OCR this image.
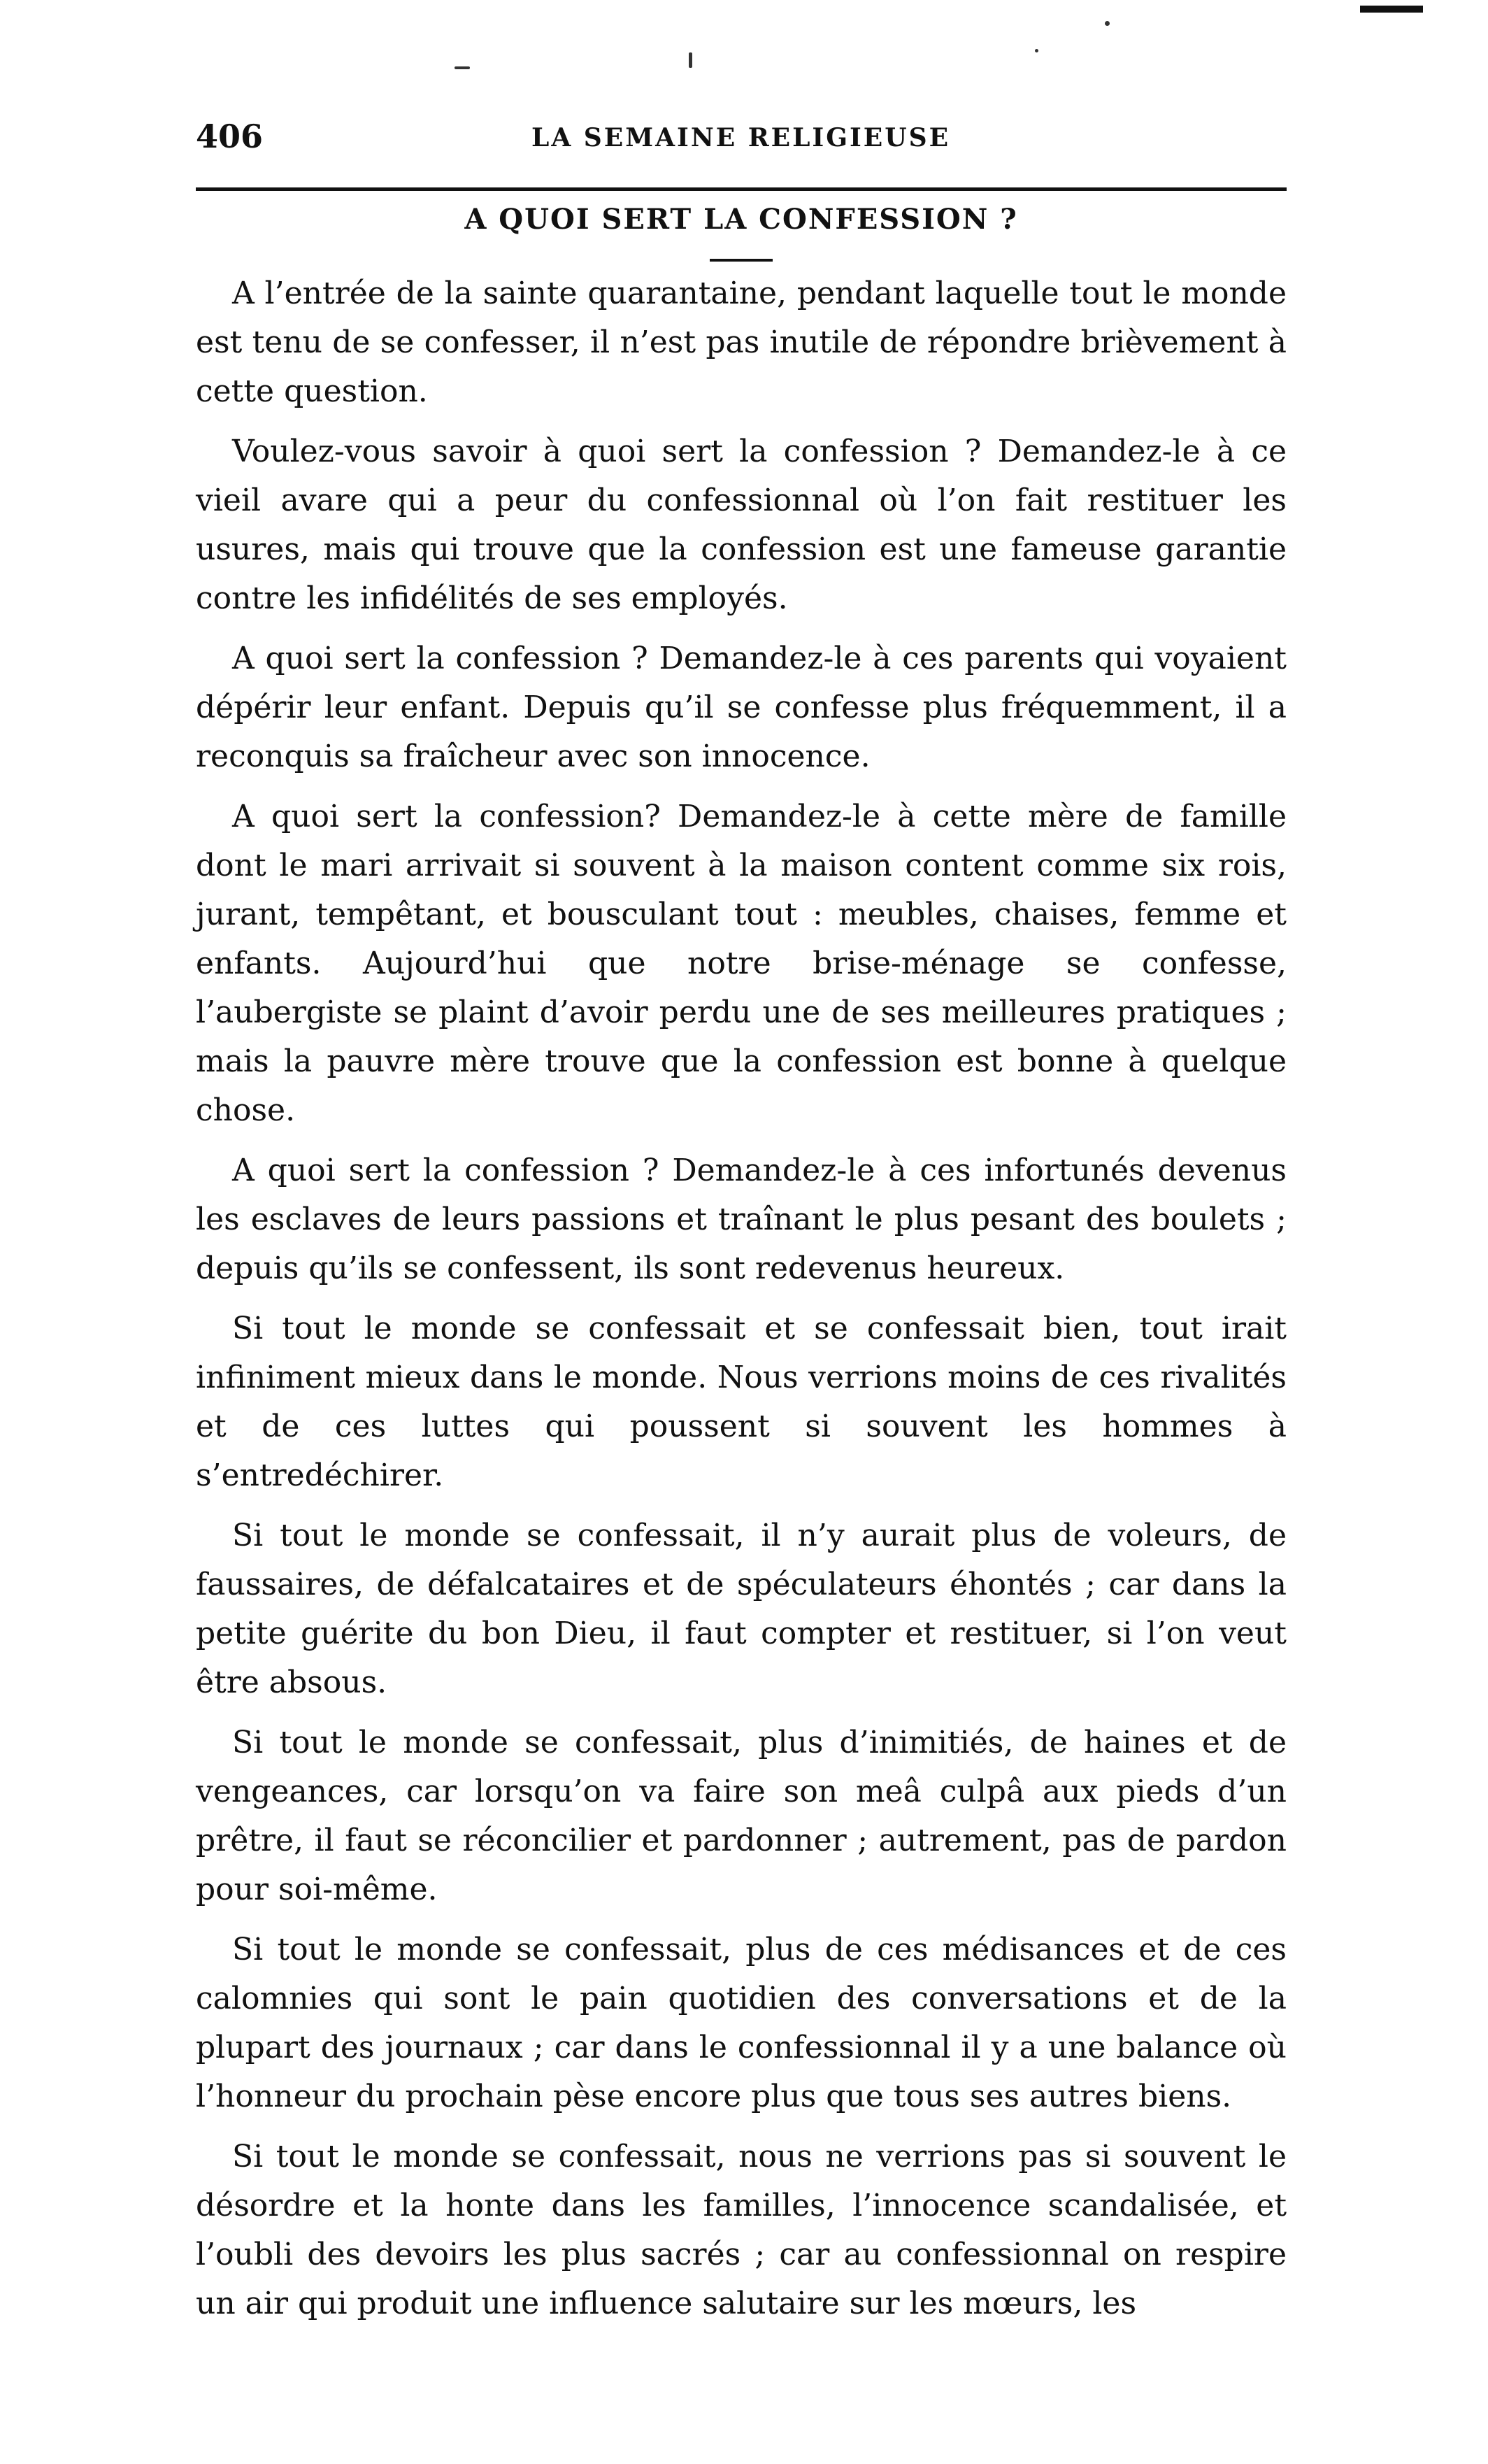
406	LA SEMAINE RELIGIEUSE
A QUOI SERT LA CONFESSION ?

A l’entrée de la sainte quarantaine, pendant laquelle tout le monde est tenu de se confesser, il n’est pas inutile de répondre brièvement à cette question.

Voulez-vous savoir à quoi sert la confession ? Demandez-le à ce vieil avare qui a peur du confessionnal où l’on fait restituer les usures, mais qui trouve que la confession est une fameuse garantie contre les infidélités de ses employés.

A quoi sert la confession ? Demandez-le à ces parents qui voyaient dépérir leur enfant. Depuis qu’il se confesse plus fréquemment, il a reconquis sa fraîcheur avec son innocence.

A quoi sert la confession? Demandez-le à cette mère de famille dont le mari arrivait si souvent à la maison content comme six rois, jurant, tempêtant, et bousculant tout : meubles, chaises, femme et enfants. Aujourd’hui que notre brise-ménage se confesse, l’aubergiste se plaint d’avoir perdu une de ses meilleures pratiques ; mais la pauvre mère trouve que la confession est bonne à quelque chose.

A quoi sert la confession ? Demandez-le à ces infortunés devenus les esclaves de leurs passions et traînant le plus pesant des boulets ; depuis qu’ils se confessent, ils sont redevenus heureux.

Si tout le monde se confessait et se confessait bien, tout irait infiniment mieux dans le monde. Nous verrions moins de ces rivalités et de ces luttes qui poussent si souvent les hommes à s’entredéchirer.

Si tout le monde se confessait, il n’y aurait plus de voleurs, de faussaires, de défalcataires et de spéculateurs éhontés ; car dans la petite guérite du bon Dieu, il faut compter et restituer, si l’on veut être absous.

Si tout le monde se confessait, plus d’inimitiés, de haines et de vengeances, car lorsqu’on va faire son meâ culpâ aux pieds d’un prêtre, il faut se réconcilier et pardonner ; autrement, pas de pardon pour soi-même.

Si tout le monde se confessait, plus de ces médisances et de ces calomnies qui sont le pain quotidien des conversations et de la plupart des journaux ; car dans le confessionnal il y a une balance où l’honneur du prochain pèse encore plus que tous ses autres biens.

Si tout le monde se confessait, nous ne verrions pas si souvent le désordre et la honte dans les familles, l’innocence scandalisée, et l’oubli des devoirs les plus sacrés ; car au confessionnal on respire un air qui produit une influence salutaire sur les mœurs, les
